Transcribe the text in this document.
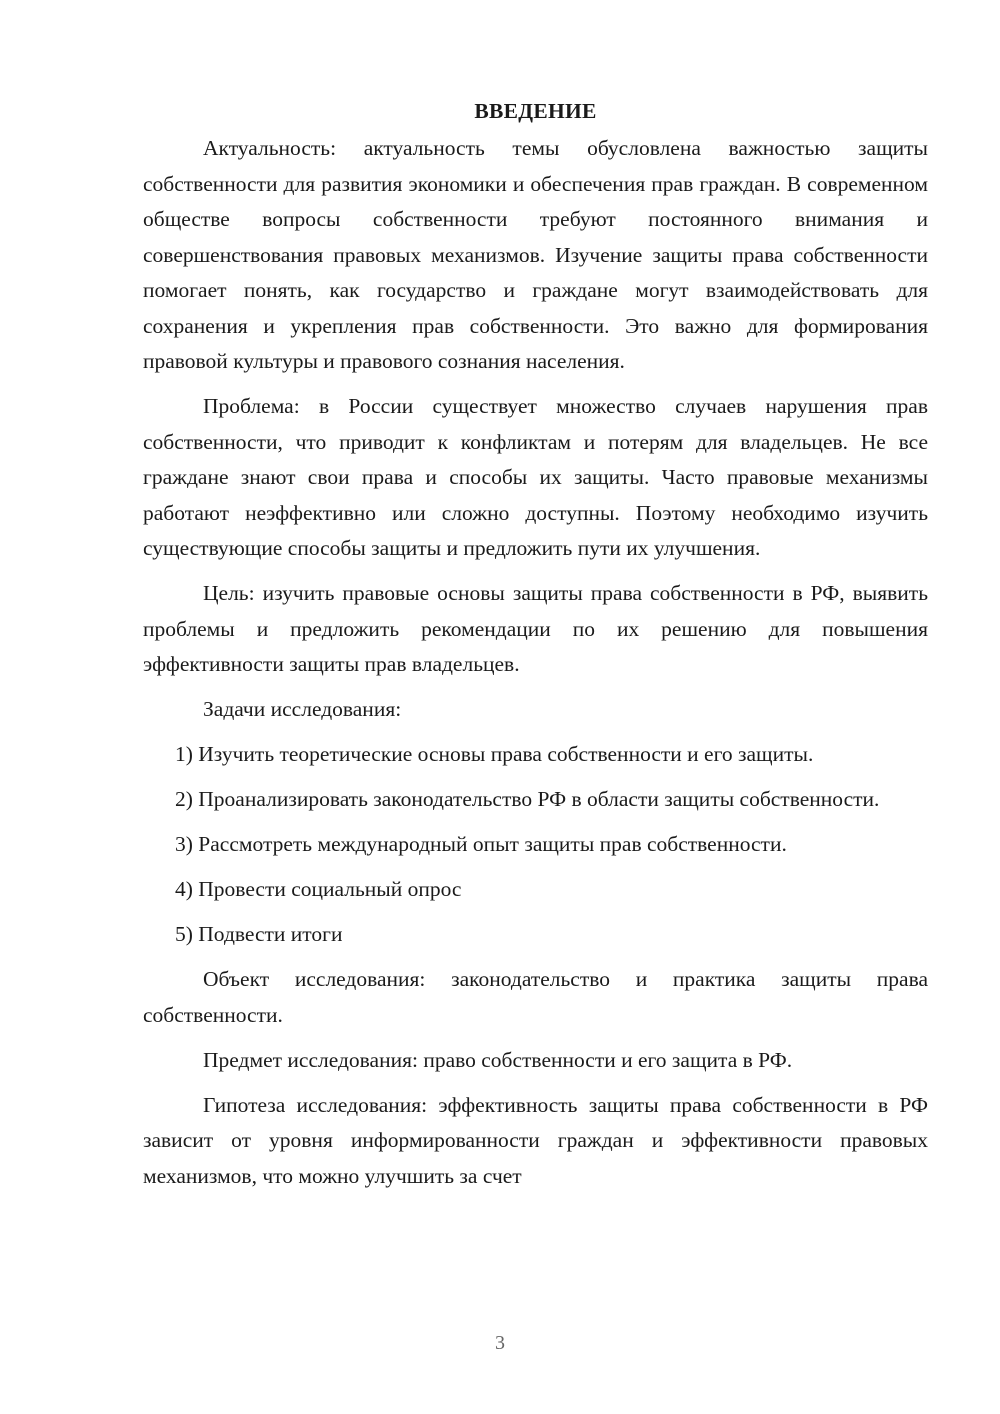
ВВЕДЕНИЕ

Актуальность: актуальность темы обусловлена важностью защиты собственности для развития экономики и обеспечения прав граждан. В современном обществе вопросы собственности требуют постоянного внимания и совершенствования правовых механизмов. Изучение защиты права собственности помогает понять, как государство и граждане могут взаимодействовать для сохранения и укрепления прав собственности. Это важно для формирования правовой культуры и правового сознания населения.

Проблема: в России существует множество случаев нарушения прав собственности, что приводит к конфликтам и потерям для владельцев. Не все граждане знают свои права и способы их защиты. Часто правовые механизмы работают неэффективно или сложно доступны. Поэтому необходимо изучить существующие способы защиты и предложить пути их улучшения.

Цель: изучить правовые основы защиты права собственности в РФ, выявить проблемы и предложить рекомендации по их решению для повышения эффективности защиты прав владельцев.

Задачи исследования:

1) Изучить теоретические основы права собственности и его защиты.

2) Проанализировать законодательство РФ в области защиты собственности.

3) Рассмотреть международный опыт защиты прав собственности.

4) Провести социальный опрос

5) Подвести итоги

Объект исследования: законодательство и практика защиты права собственности.

Предмет исследования: право собственности и его защита в РФ.

Гипотеза исследования: эффективность защиты права собственности в РФ зависит от уровня информированности граждан и эффективности правовых механизмов, что можно улучшить за счет

3
